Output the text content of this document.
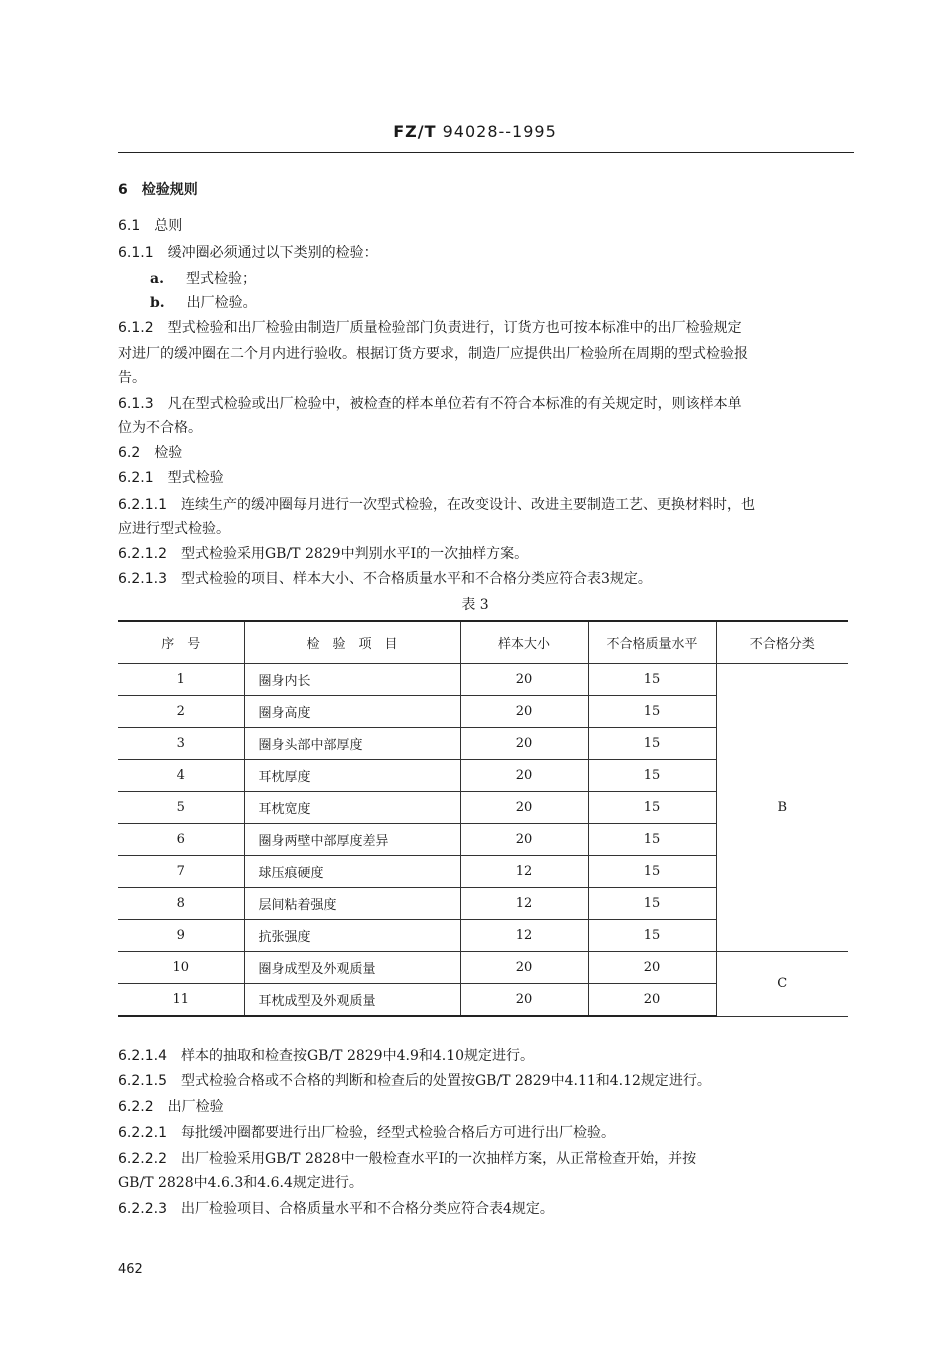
FZ/T 94028--1995
6 检验规则
6.1 总则
6.1.1 缓冲圈必须通过以下类别的检验：
a. 型式检验；
b. 出厂检验。
6.1.2 型式检验和出厂检验由制造厂质量检验部门负责进行，订货方也可按本标准中的出厂检验规定
对进厂的缓冲圈在二个月内进行验收。根据订货方要求，制造厂应提供出厂检验所在周期的型式检验报
告。
6.1.3 凡在型式检验或出厂检验中，被检查的样本单位若有不符合本标准的有关规定时，则该样本单
位为不合格。
6.2 检验
6.2.1 型式检验
6.2.1.1 连续生产的缓冲圈每月进行一次型式检验，在改变设计、改进主要制造工艺、更换材料时，也
应进行型式检验。
6.2.1.2 型式检验采用GB/T 2829中判别水平Ⅰ的一次抽样方案。
6.2.1.3 型式检验的项目、样本大小、不合格质量水平和不合格分类应符合表3规定。
表 3
序　号	检　验　项　目	样本大小	不合格质量水平	不合格分类
1	圈身内长	20	15	B
2	圈身高度	20	15	
3	圈身头部中部厚度	20	15	
4	耳枕厚度	20	15	
5	耳枕宽度	20	15	
6	圈身两壁中部厚度差异	20	15	
7	球压痕硬度	12	15	
8	层间粘着强度	12	15	
9	抗张强度	12	15	
10	圈身成型及外观质量	20	20	C
11	耳枕成型及外观质量	20	20	
6.2.1.4 样本的抽取和检查按GB/T 2829中4.9和4.10规定进行。
6.2.1.5 型式检验合格或不合格的判断和检查后的处置按GB/T 2829中4.11和4.12规定进行。
6.2.2 出厂检验
6.2.2.1 每批缓冲圈都要进行出厂检验，经型式检验合格后方可进行出厂检验。
6.2.2.2 出厂检验采用GB/T 2828中一般检查水平Ⅰ的一次抽样方案，从正常检查开始，并按
GB/T 2828中4.6.3和4.6.4规定进行。
6.2.2.3 出厂检验项目、合格质量水平和不合格分类应符合表4规定。
462
